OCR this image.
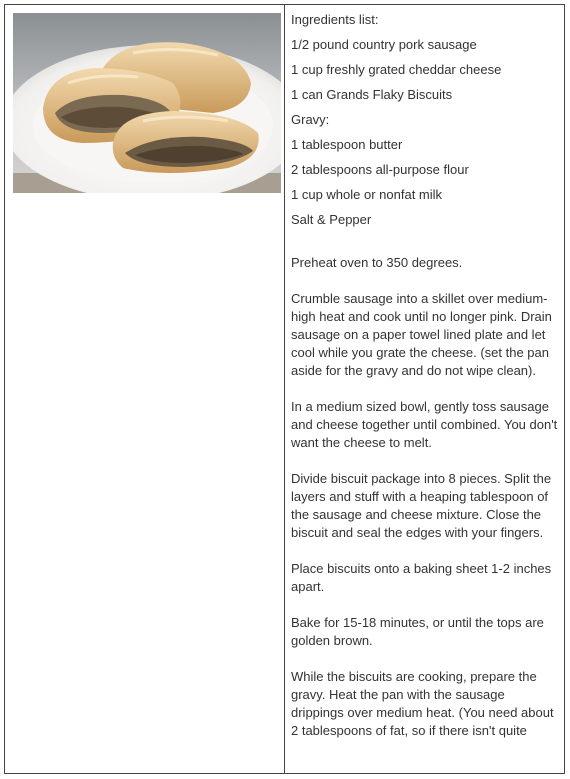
Ingredients list:

1/2 pound country pork sausage

1 cup freshly grated cheddar cheese

1 can Grands Flaky Biscuits

Gravy:

1 tablespoon butter

2 tablespoons all-purpose flour

1 cup whole or nonfat milk

Salt & Pepper

Preheat oven to 350 degrees.

Crumble sausage into a skillet over medium-high heat and cook until no longer pink. Drain sausage on a paper towel lined plate and let cool while you grate the cheese. (set the pan aside for the gravy and do not wipe clean).

In a medium sized bowl, gently toss sausage and cheese together until combined. You don't want the cheese to melt.

Divide biscuit package into 8 pieces. Split the layers and stuff with a heaping tablespoon of the sausage and cheese mixture. Close the biscuit and seal the edges with your fingers.

Place biscuits onto a baking sheet 1-2 inches apart.

Bake for 15-18 minutes, or until the tops are golden brown.

While the biscuits are cooking, prepare the gravy. Heat the pan with the sausage drippings over medium heat. (You need about 2 tablespoons of fat, so if there isn't quite
